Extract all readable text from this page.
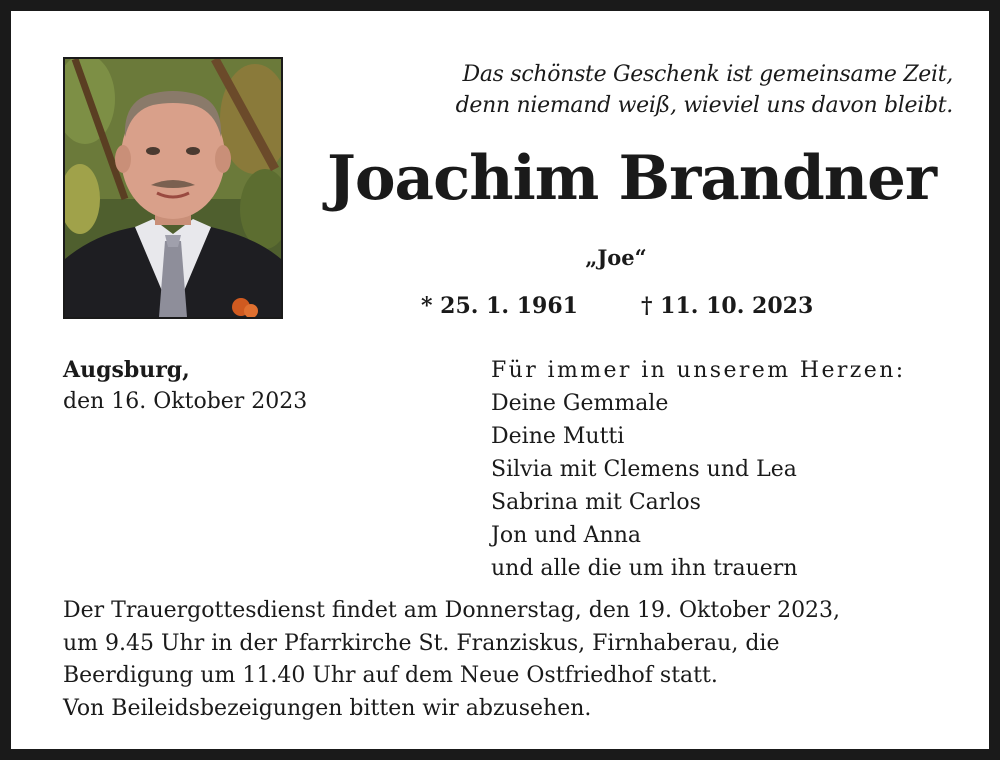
Das schönste Geschenk ist gemeinsame Zeit,
denn niemand weiß, wieviel uns davon bleibt.
Joachim Brandner
„Joe“
* 25. 1. 1961	† 11. 10. 2023
Augsburg,
den 16. Oktober 2023
Für immer in unserem Herzen:
Deine Gemmale
Deine Mutti
Silvia mit Clemens und Lea
Sabrina mit Carlos
Jon und Anna
und alle die um ihn trauern
Der Trauergottesdienst findet am Donnerstag, den 19. Oktober 2023,
um 9.45 Uhr in der Pfarrkirche St. Franziskus, Firnhaberau, die
Beerdigung um 11.40 Uhr auf dem Neue Ostfriedhof statt.
Von Beileidsbezeigungen bitten wir abzusehen.
